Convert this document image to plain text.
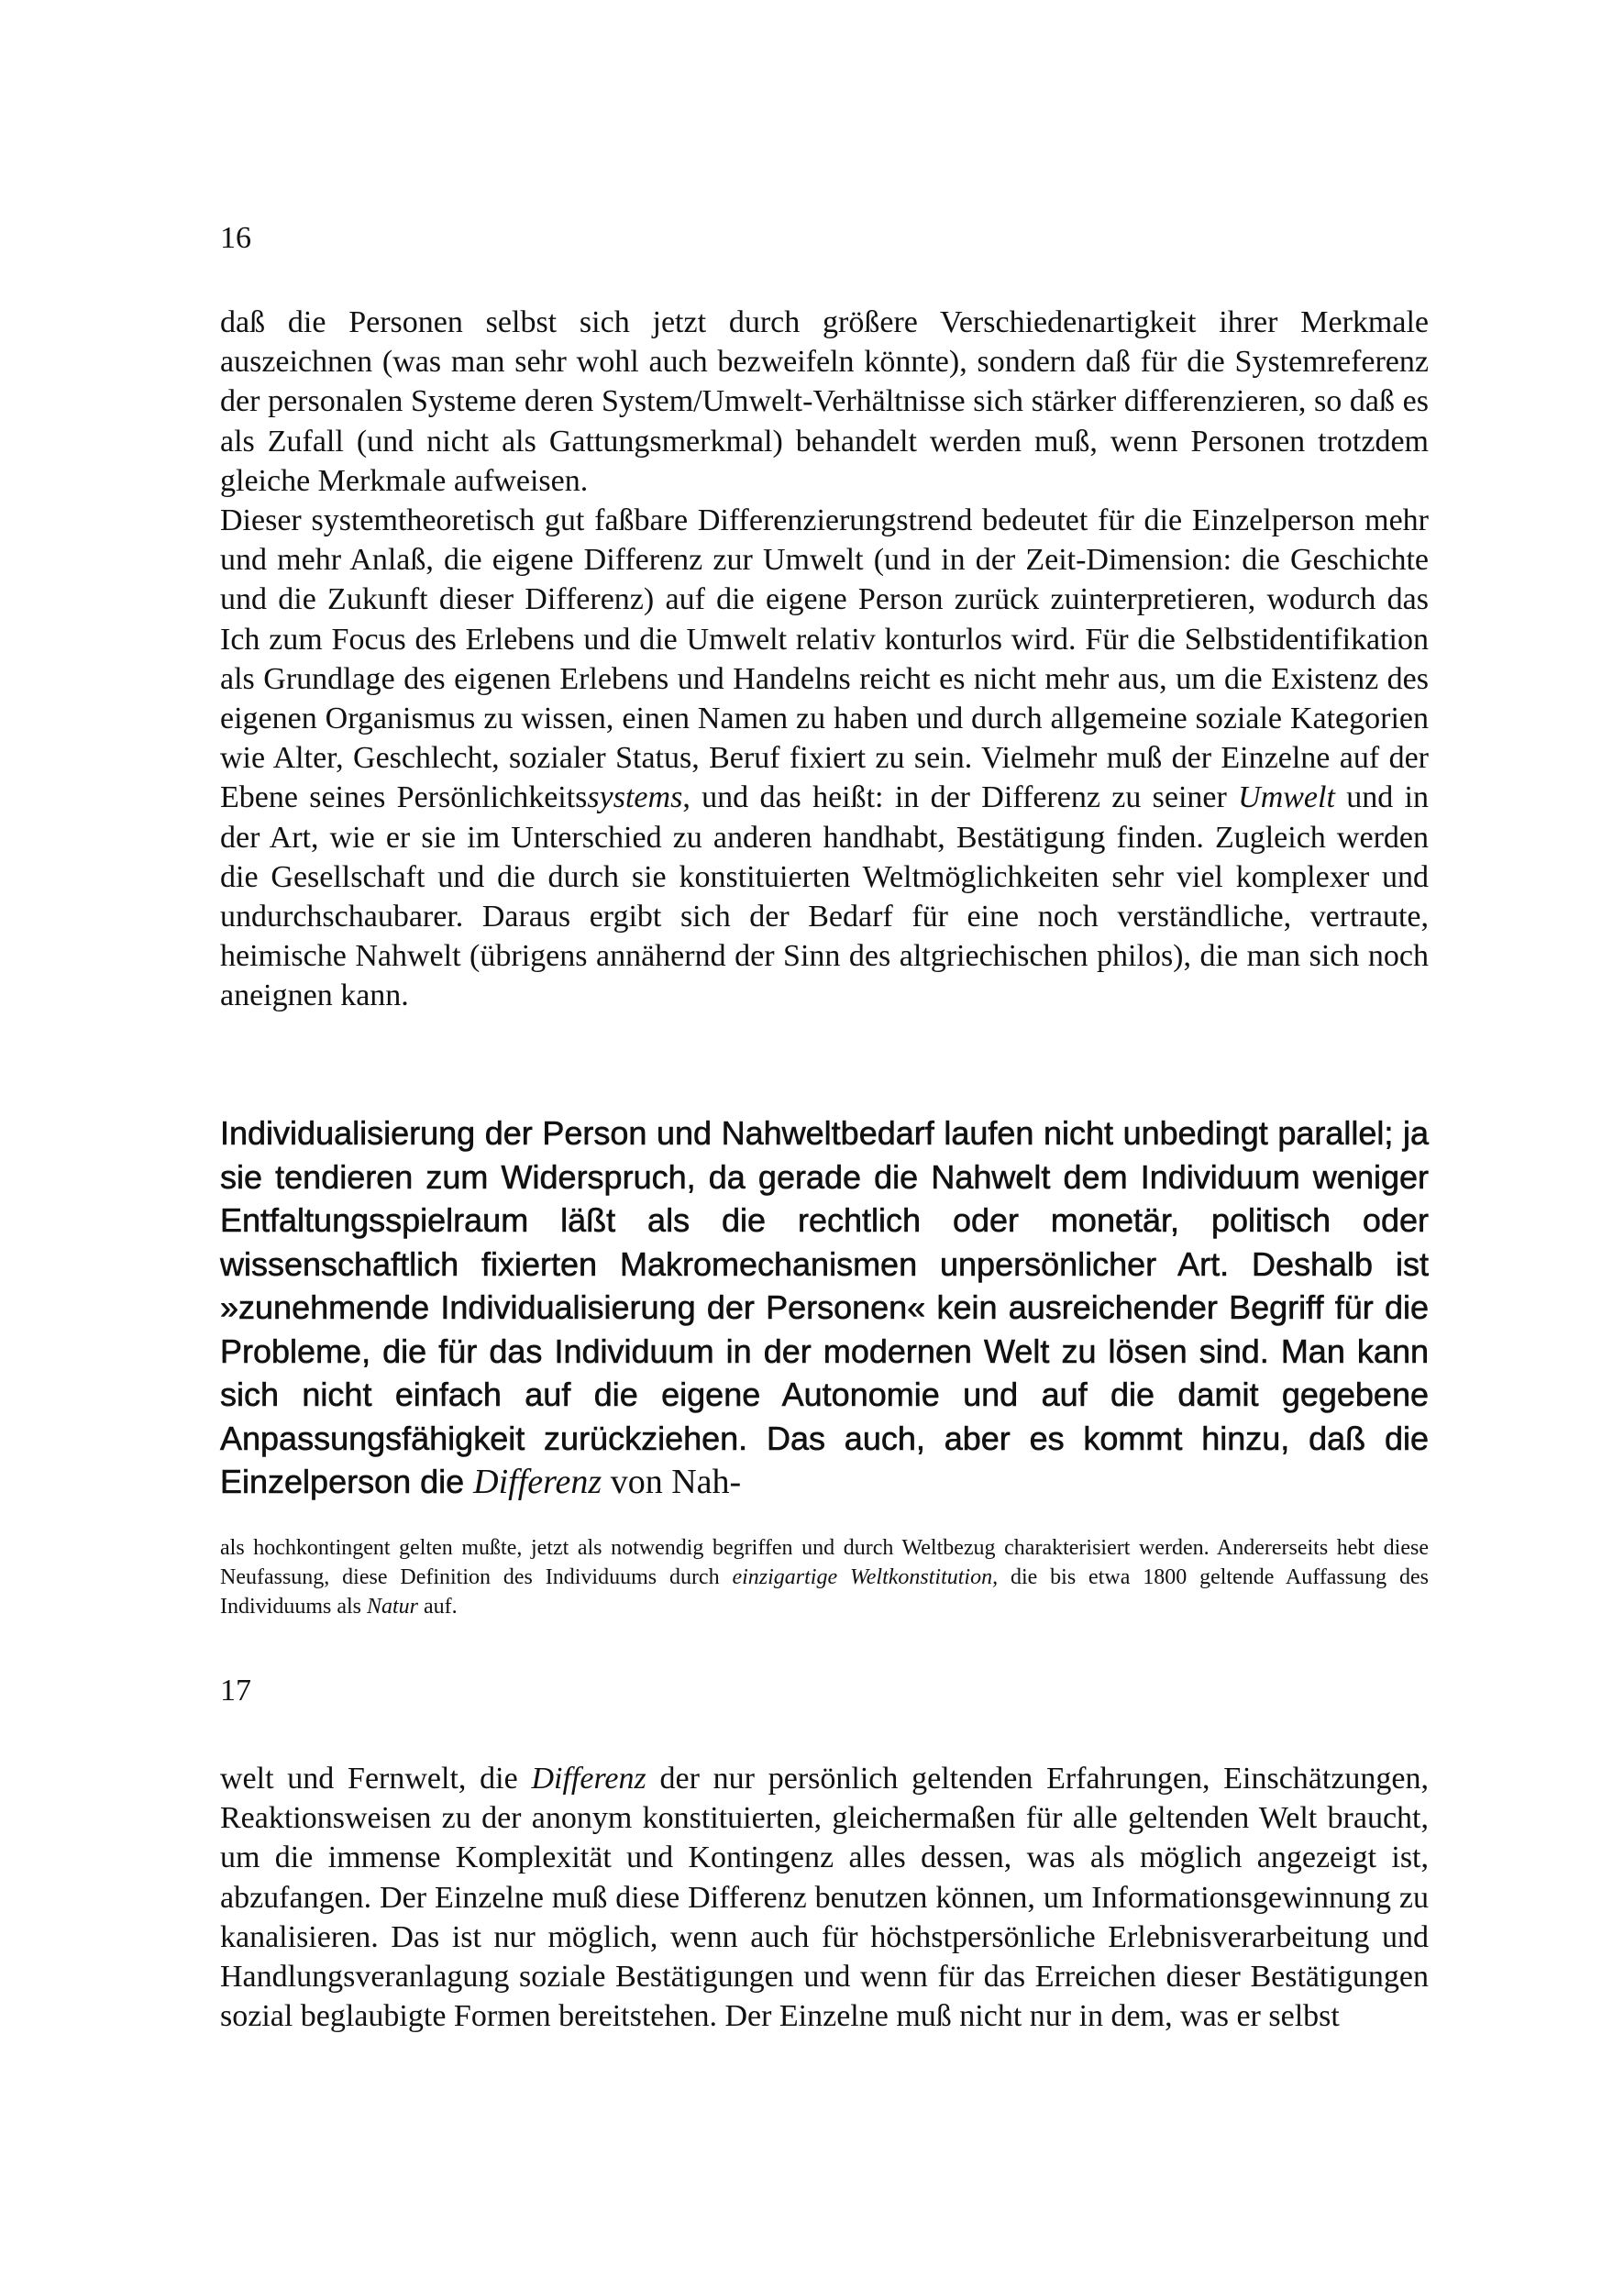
16

daß die Personen selbst sich jetzt durch größere Verschiedenartigkeit ihrer Merkmale auszeichnen (was man sehr wohl auch bezweifeln könnte), sondern daß für die Systemreferenz der personalen Systeme deren System/Umwelt-Verhältnisse sich stärker differenzieren, so daß es als Zufall (und nicht als Gattungsmerkmal) behandelt werden muß, wenn Personen trotzdem gleiche Merkmale aufweisen.

Dieser systemtheoretisch gut faßbare Differenzierungstrend bedeutet für die Einzelperson mehr und mehr Anlaß, die eigene Differenz zur Umwelt (und in der Zeit-Dimension: die Geschichte und die Zukunft dieser Differenz) auf die eigene Person zurück zuinterpretieren, wodurch das Ich zum Focus des Erlebens und die Umwelt relativ konturlos wird. Für die Selbstidentifikation als Grundlage des eigenen Erlebens und Handelns reicht es nicht mehr aus, um die Existenz des eigenen Organismus zu wissen, einen Namen zu haben und durch allgemeine soziale Kategorien wie Alter, Geschlecht, sozialer Status, Beruf fixiert zu sein. Vielmehr muß der Einzelne auf der Ebene seines Persönlichkeitssystems, und das heißt: in der Differenz zu seiner Umwelt und in der Art, wie er sie im Unterschied zu anderen handhabt, Bestätigung finden. Zugleich werden die Gesellschaft und die durch sie konstituierten Weltmöglichkeiten sehr viel komplexer und undurchschaubarer. Daraus ergibt sich der Bedarf für eine noch verständliche, vertraute, heimische Nahwelt (übrigens annähernd der Sinn des altgriechischen philos), die man sich noch aneignen kann.

Individualisierung der Person und Nahweltbedarf laufen nicht unbedingt parallel; ja sie tendieren zum Widerspruch, da gerade die Nahwelt dem Individuum weniger Entfaltungsspielraum läßt als die rechtlich oder monetär, politisch oder wissenschaftlich fixierten Makromechanismen unpersönlicher Art. Deshalb ist »zunehmende Individualisierung der Personen« kein ausreichender Begriff für die Probleme, die für das Individuum in der modernen Welt zu lösen sind. Man kann sich nicht einfach auf die eigene Autonomie und auf die damit gegebene Anpassungsfähigkeit zurückziehen. Das auch, aber es kommt hinzu, daß die Einzelperson die Differenz von Nah-

als hochkontingent gelten mußte, jetzt als notwendig begriffen und durch Weltbezug charakterisiert werden. Andererseits hebt diese Neufassung, diese Definition des Individuums durch einzigartige Weltkonstitution, die bis etwa 1800 geltende Auffassung des Individuums als Natur auf.

17

welt und Fernwelt, die Differenz der nur persönlich geltenden Erfahrungen, Einschätzungen, Reaktionsweisen zu der anonym konstituierten, gleichermaßen für alle geltenden Welt braucht, um die immense Komplexität und Kontingenz alles dessen, was als möglich angezeigt ist, abzufangen. Der Einzelne muß diese Differenz benutzen können, um Informationsgewinnung zu kanalisieren. Das ist nur möglich, wenn auch für höchstpersönliche Erlebnisverarbeitung und Handlungsveranlagung soziale Bestätigungen und wenn für das Erreichen dieser Bestätigungen sozial beglaubigte Formen bereitstehen. Der Einzelne muß nicht nur in dem, was er selbst
